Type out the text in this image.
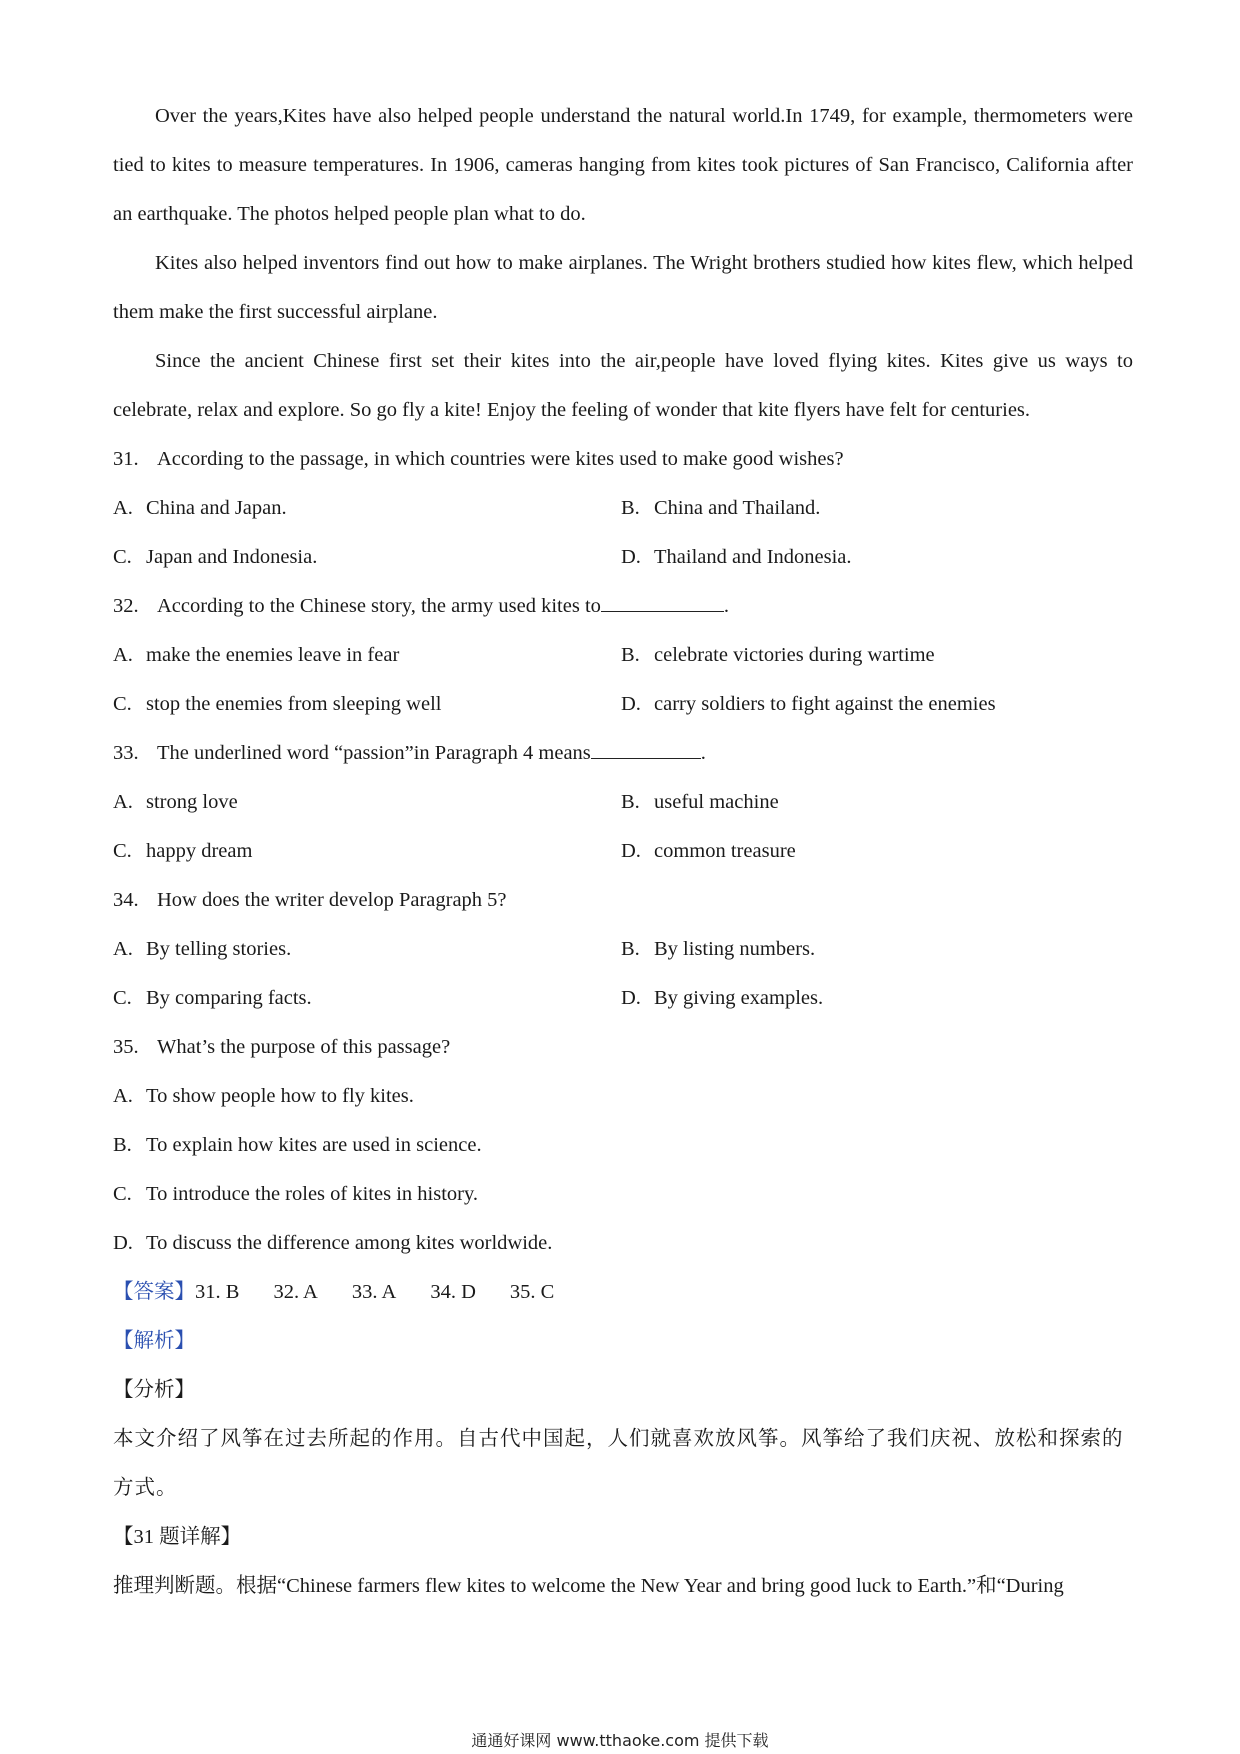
Over the years,Kites have also helped people understand the natural world.In 1749, for example, thermometers were tied to kites to measure temperatures. In 1906, cameras hanging from kites took pictures of San Francisco, California after an earthquake. The photos helped people plan what to do.

Kites also helped inventors find out how to make airplanes. The Wright brothers studied how kites flew, which helped them make the first successful airplane.

Since the ancient Chinese first set their kites into the air,people have loved flying kites. Kites give us ways to celebrate, relax and explore. So go fly a kite! Enjoy the feeling of wonder that kite flyers have felt for centuries.

31. According to the passage, in which countries were kites used to make good wishes?

A. China and Japan.	B. China and Thailand.
C. Japan and Indonesia.	D. Thailand and Indonesia.

32. According to the Chinese story, the army used kites to	.

A. make the enemies leave in fear	B. celebrate victories during wartime
C. stop the enemies from sleeping well	D. carry soldiers to fight against the enemies

33. The underlined word “passion”in Paragraph 4 means	.

A. strong love	B. useful machine
C. happy dream	D. common treasure

34. How does the writer develop Paragraph 5?

A. By telling stories.	B. By listing numbers.
C. By comparing facts.	D. By giving examples.

35. What’s the purpose of this passage?

A. To show people how to fly kites.
B. To explain how kites are used in science.
C. To introduce the roles of kites in history.
D. To discuss the difference among kites worldwide.

【答案】31. B 32. A 33. A 34. D 35. C

【解析】

【分析】

本文介绍了风筝在过去所起的作用。自古代中国起，人们就喜欢放风筝。风筝给了我们庆祝、放松和探索的方式。

【31 题详解】

推理判断题。根据“Chinese farmers flew kites to welcome the New Year and bring good luck to Earth.”和“During

通通好课网 www.tthaoke.com 提供下载
